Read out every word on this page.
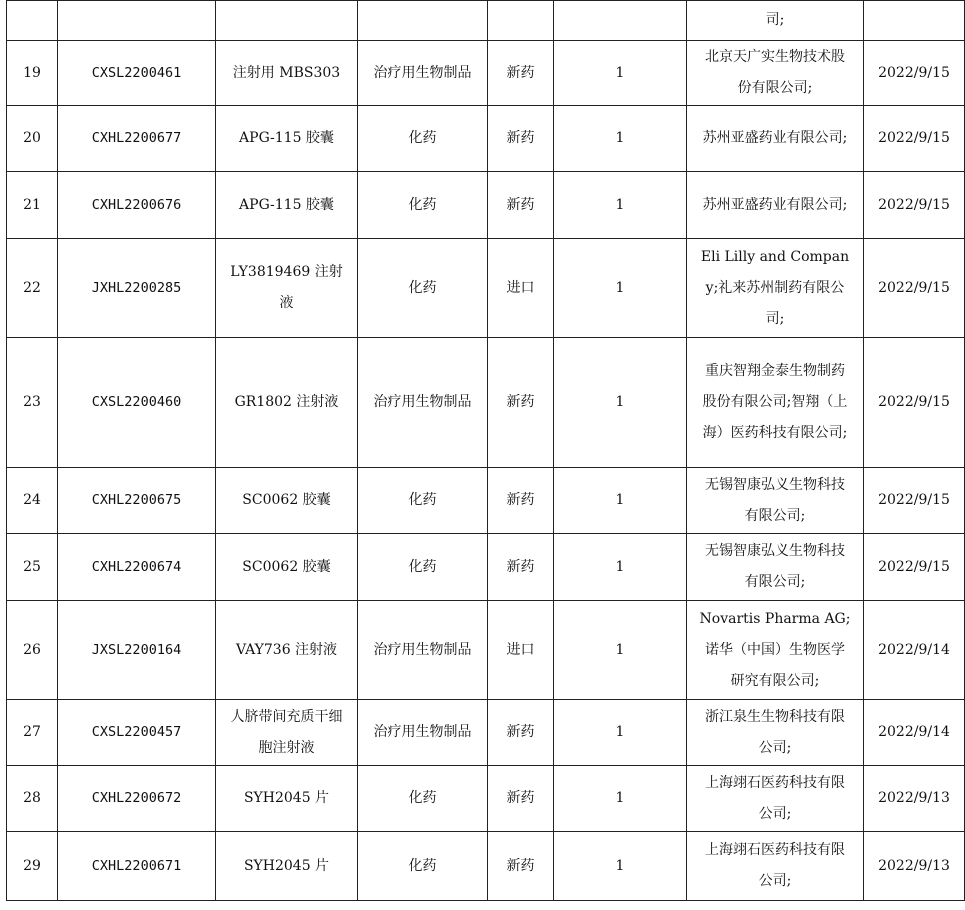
						司;	
19	CXSL2200461	注射用 MBS303	治疗用生物制品	新药	1	北京天广实生物技术股份有限公司;	2022/9/15
20	CXHL2200677	APG-115 胶囊	化药	新药	1	苏州亚盛药业有限公司;	2022/9/15
21	CXHL2200676	APG-115 胶囊	化药	新药	1	苏州亚盛药业有限公司;	2022/9/15
22	JXHL2200285	LY3819469 注射液	化药	进口	1	Eli Lilly and Company;礼来苏州制药有限公司;	2022/9/15
23	CXSL2200460	GR1802 注射液	治疗用生物制品	新药	1	重庆智翔金泰生物制药股份有限公司;智翔（上海）医药科技有限公司;	2022/9/15
24	CXHL2200675	SC0062 胶囊	化药	新药	1	无锡智康弘义生物科技有限公司;	2022/9/15
25	CXHL2200674	SC0062 胶囊	化药	新药	1	无锡智康弘义生物科技有限公司;	2022/9/15
26	JXSL2200164	VAY736 注射液	治疗用生物制品	进口	1	Novartis Pharma AG;诺华（中国）生物医学研究有限公司;	2022/9/14
27	CXSL2200457	人脐带间充质干细胞注射液	治疗用生物制品	新药	1	浙江泉生生物科技有限公司;	2022/9/14
28	CXHL2200672	SYH2045 片	化药	新药	1	上海翊石医药科技有限公司;	2022/9/13
29	CXHL2200671	SYH2045 片	化药	新药	1	上海翊石医药科技有限公司;	2022/9/13
